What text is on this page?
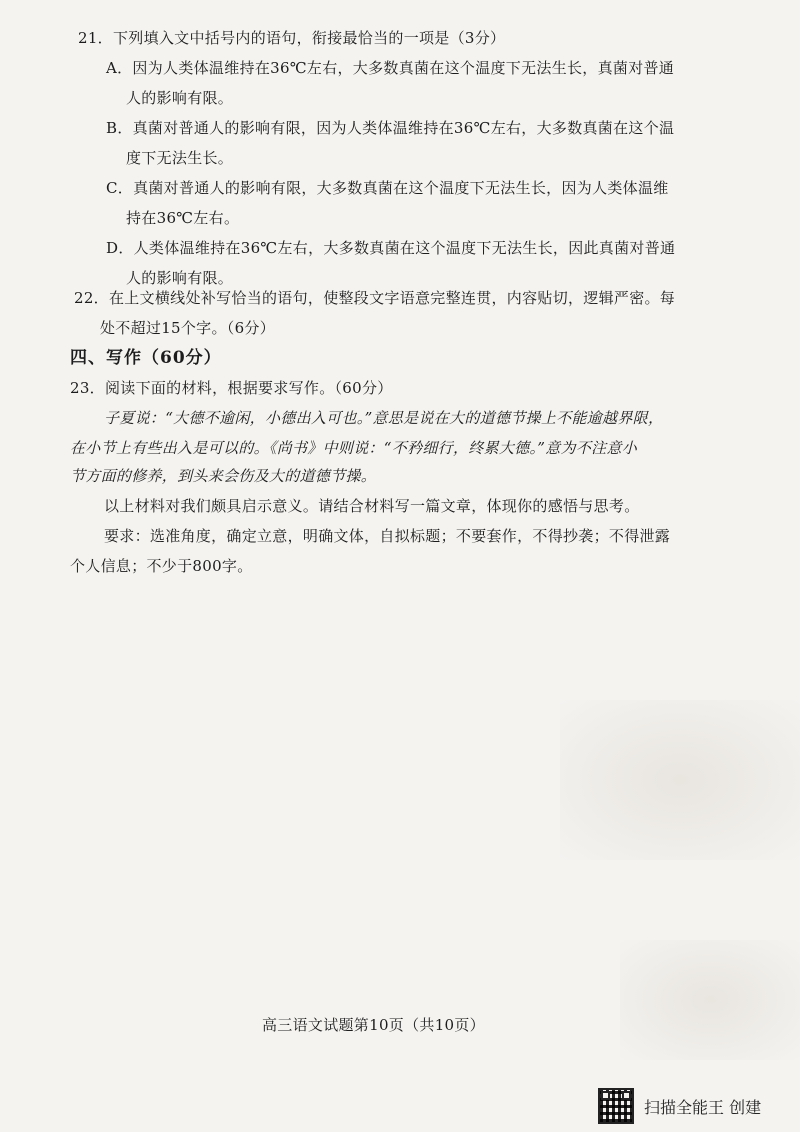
21．下列填入文中括号内的语句，衔接最恰当的一项是（3分）
A．因为人类体温维持在36℃左右，大多数真菌在这个温度下无法生长，真菌对普通
人的影响有限。
B．真菌对普通人的影响有限，因为人类体温维持在36℃左右，大多数真菌在这个温
度下无法生长。
C．真菌对普通人的影响有限，大多数真菌在这个温度下无法生长，因为人类体温维
持在36℃左右。
D．人类体温维持在36℃左右，大多数真菌在这个温度下无法生长，因此真菌对普通
人的影响有限。
22．在上文横线处补写恰当的语句，使整段文字语意完整连贯，内容贴切，逻辑严密。每
处不超过15个字。（6分）
四、写作（60分）
23．阅读下面的材料，根据要求写作。（60分）
子夏说：“大德不逾闲，小德出入可也。”意思是说在大的道德节操上不能逾越界限，
在小节上有些出入是可以的。《尚书》中则说：“不矜细行，终累大德。”意为不注意小
节方面的修养，到头来会伤及大的道德节操。
以上材料对我们颇具启示意义。请结合材料写一篇文章，体现你的感悟与思考。
要求：选准角度，确定立意，明确文体，自拟标题；不要套作，不得抄袭；不得泄露
个人信息；不少于800字。
高三语文试题第10页（共10页）
扫描全能王 创建
